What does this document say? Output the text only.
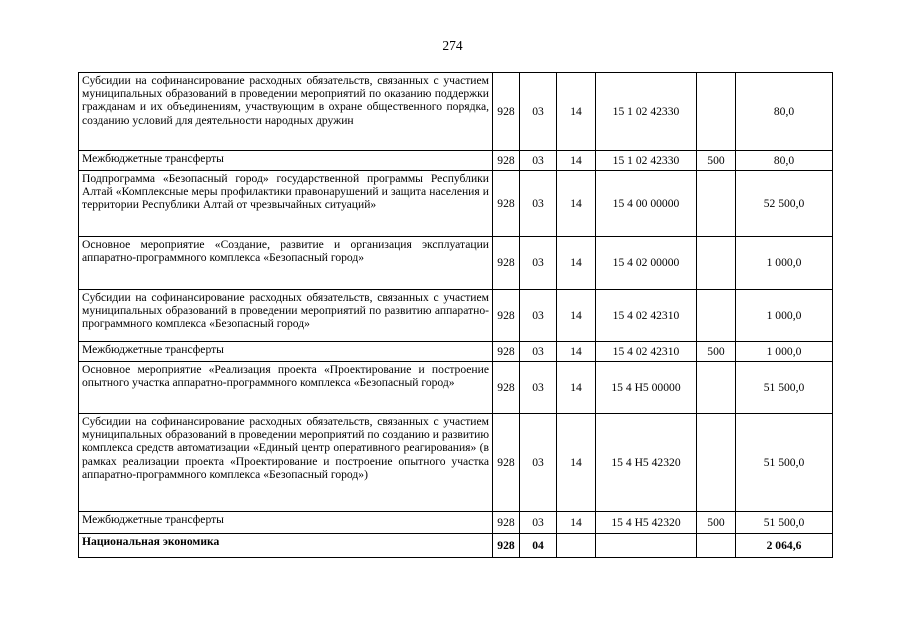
274
Субсидии на софинансирование расходных обязательств, связанных с участием муниципальных образований в проведении мероприятий по оказанию поддержки гражданам и их объединениям, участвующим в охране общественного порядка, созданию условий для деятельности народных дружин	928	03	14	15 1 02 42330		80,0
Межбюджетные трансферты	928	03	14	15 1 02 42330	500	80,0
Подпрограмма «Безопасный город» государственной программы Республики Алтай «Комплексные меры профилактики правонарушений и защита населения и территории Республики Алтай от чрезвычайных ситуаций»	928	03	14	15 4 00 00000		52 500,0
Основное мероприятие «Создание, развитие и организация эксплуатации аппаратно-программного комплекса «Безопасный город»	928	03	14	15 4 02 00000		1 000,0
Субсидии на софинансирование расходных обязательств, связанных с участием муниципальных образований в проведении мероприятий по развитию аппаратно-программного комплекса «Безопасный город»	928	03	14	15 4 02 42310		1 000,0
Межбюджетные трансферты	928	03	14	15 4 02 42310	500	1 000,0
Основное мероприятие «Реализация проекта «Проектирование и построение опытного участка аппаратно-программного комплекса «Безопасный город»	928	03	14	15 4 H5 00000		51 500,0
Субсидии на софинансирование расходных обязательств, связанных с участием муниципальных образований в проведении мероприятий по созданию и развитию комплекса средств автоматизации «Единый центр оперативного реагирования» (в рамках реализации проекта «Проектирование и построение опытного участка аппаратно-программного комплекса «Безопасный город»)	928	03	14	15 4 H5 42320		51 500,0
Межбюджетные трансферты	928	03	14	15 4 H5 42320	500	51 500,0
Национальная экономика	928	04				2 064,6
